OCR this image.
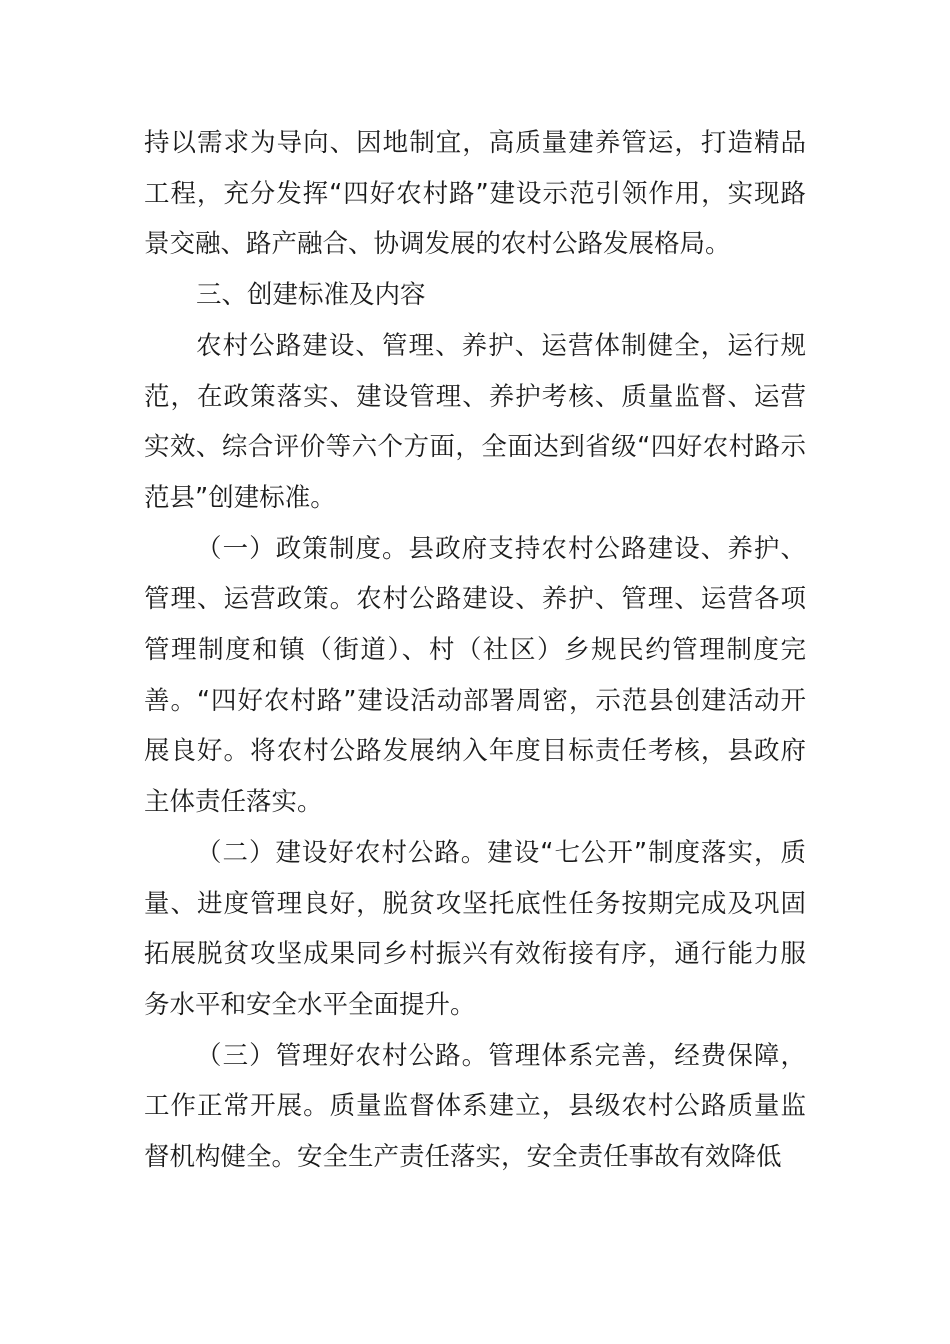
持以需求为导向、因地制宜，高质量建养管运，打造精品工程，充分发挥“四好农村路”建设示范引领作用，实现路景交融、路产融合、协调发展的农村公路发展格局。

三、创建标准及内容

农村公路建设、管理、养护、运营体制健全，运行规范，在政策落实、建设管理、养护考核、质量监督、运营实效、综合评价等六个方面，全面达到省级“四好农村路示范县”创建标准。

（一）政策制度。县政府支持农村公路建设、养护、管理、运营政策。农村公路建设、养护、管理、运营各项管理制度和镇（街道）、村（社区）乡规民约管理制度完善。“四好农村路”建设活动部署周密，示范县创建活动开展良好。将农村公路发展纳入年度目标责任考核，县政府主体责任落实。

（二）建设好农村公路。建设“七公开”制度落实，质量、进度管理良好，脱贫攻坚托底性任务按期完成及巩固拓展脱贫攻坚成果同乡村振兴有效衔接有序，通行能力服务水平和安全水平全面提升。

（三）管理好农村公路。管理体系完善，经费保障，工作正常开展。质量监督体系建立，县级农村公路质量监督机构健全。安全生产责任落实，安全责任事故有效降低
